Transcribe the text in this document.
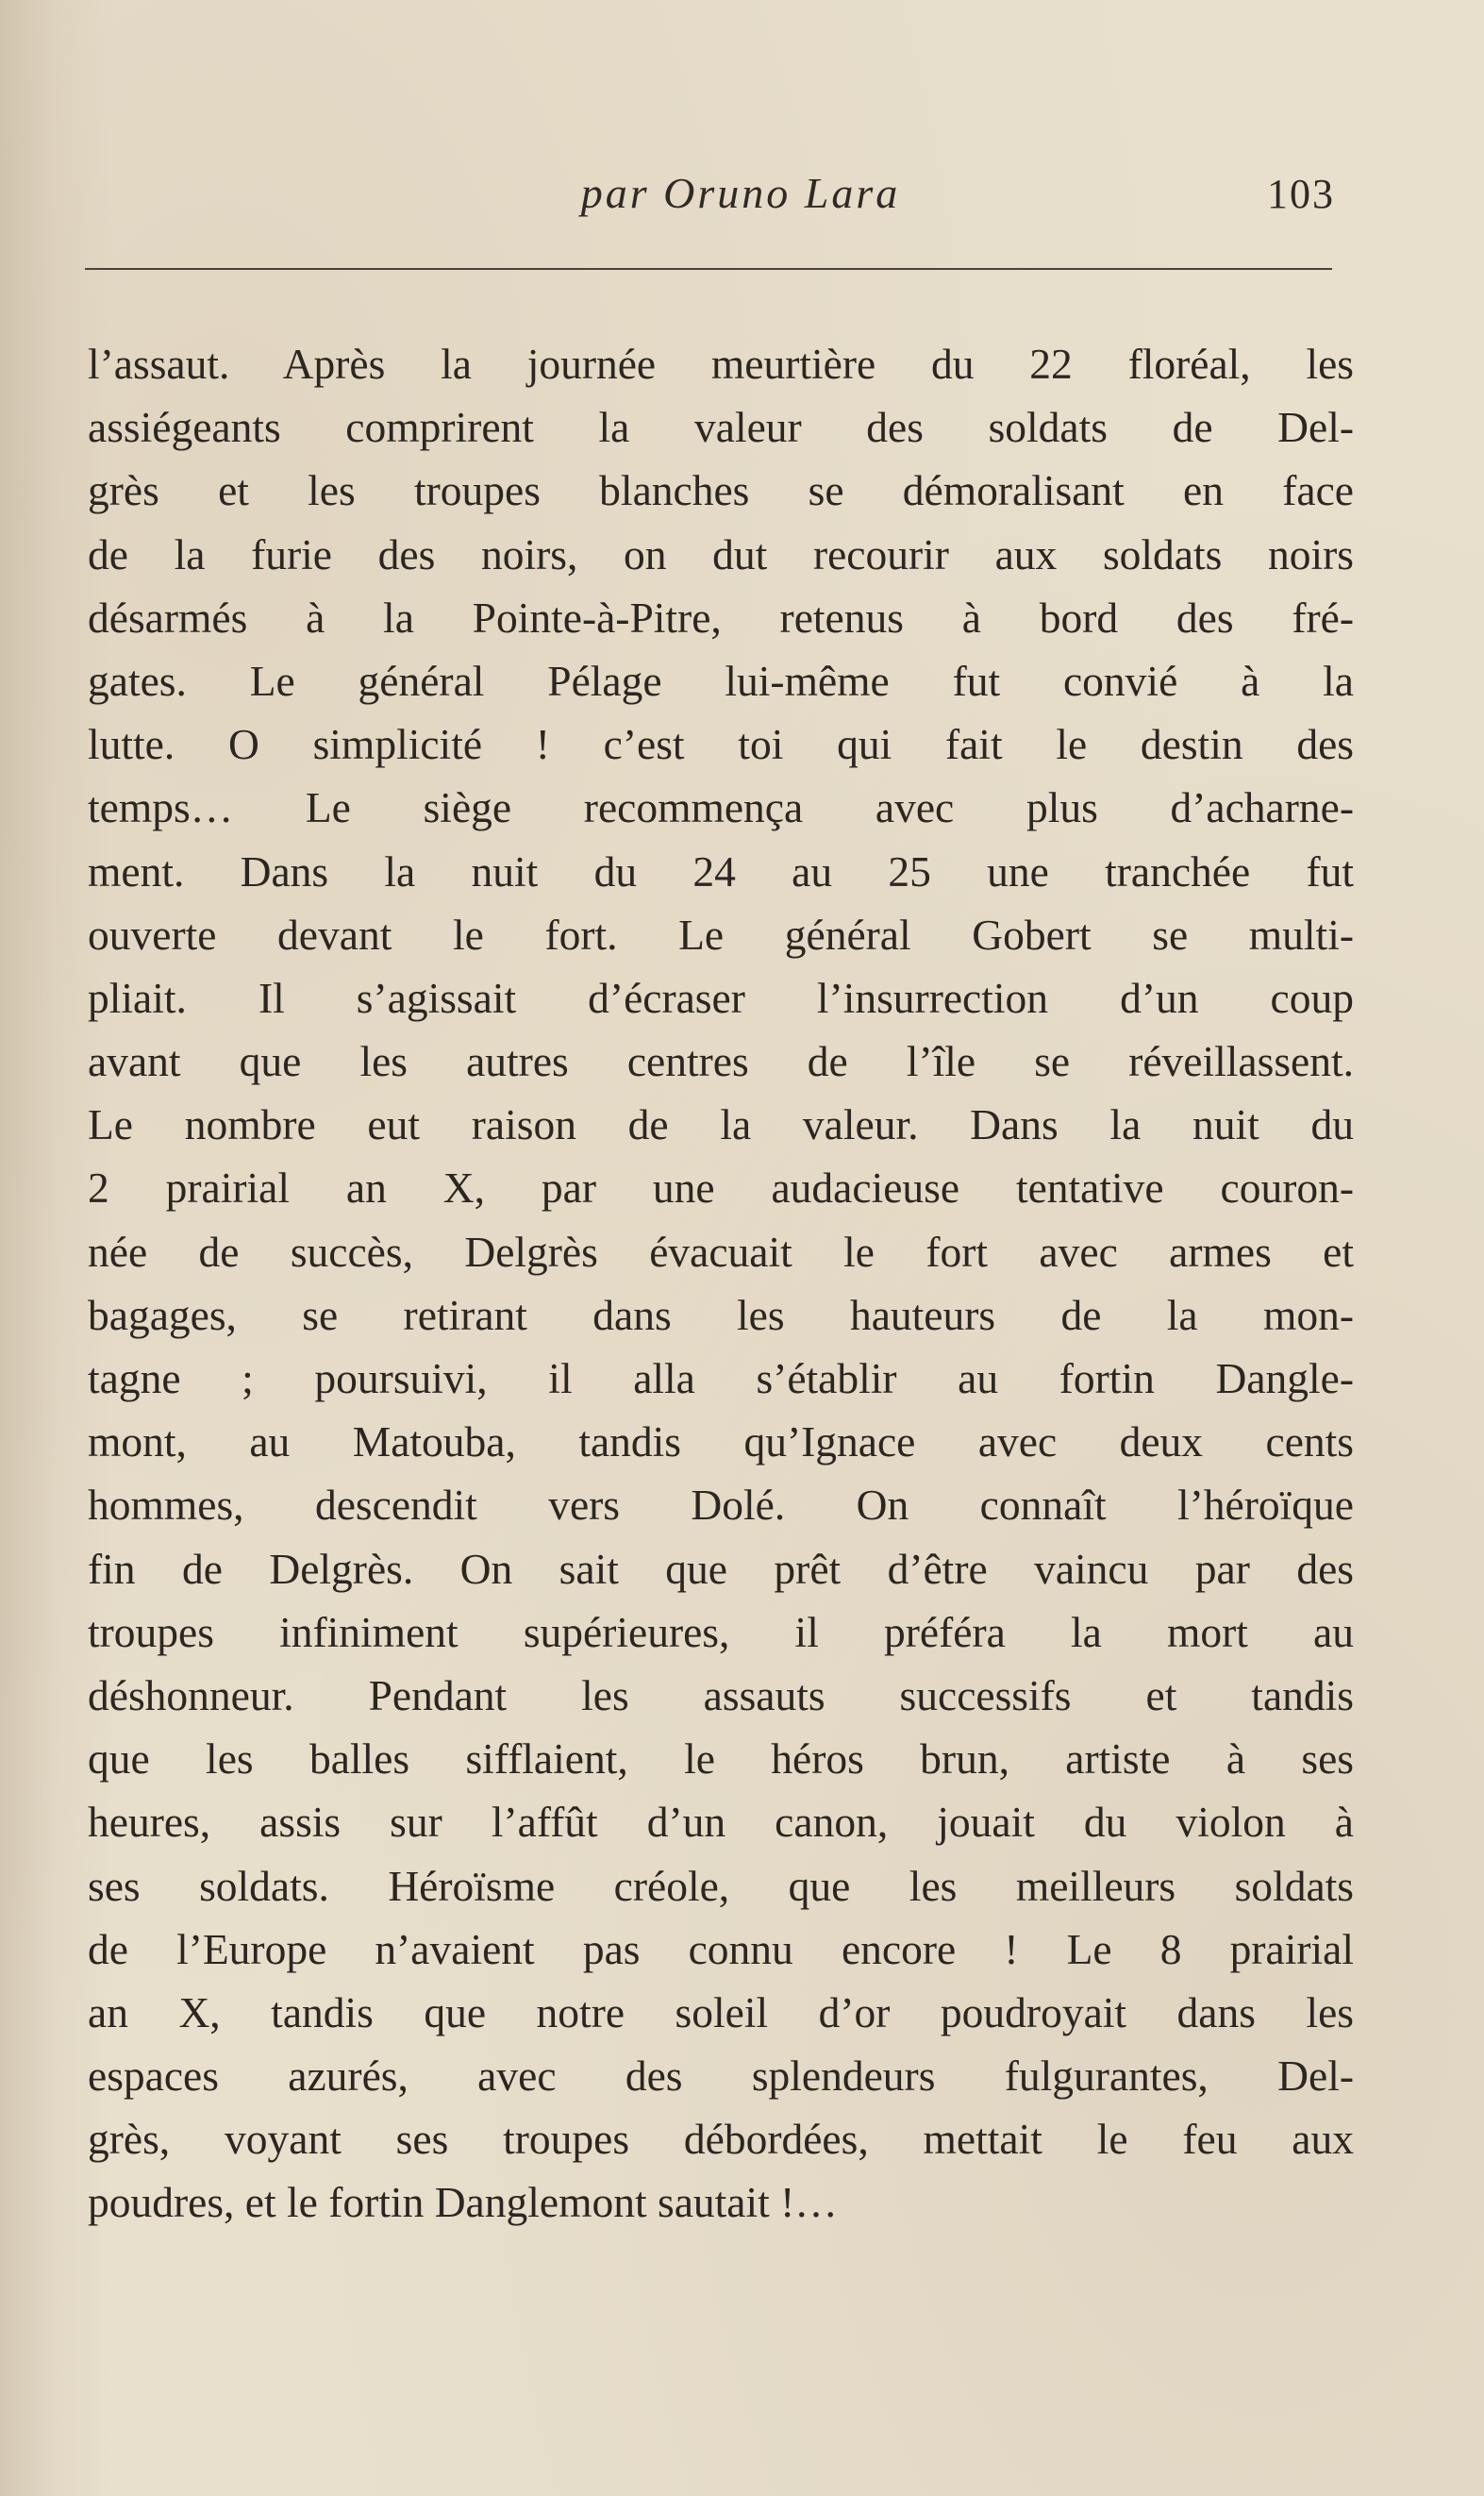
par Oruno Lara	103
l’assaut. Après la journée meurtière du 22 floréal, les
assiégeants comprirent la valeur des soldats de Del-
grès et les troupes blanches se démoralisant en face
de la furie des noirs, on dut recourir aux soldats noirs
désarmés à la Pointe-à-Pitre, retenus à bord des fré-
gates. Le général Pélage lui-même fut convié à la
lutte. O simplicité ! c’est toi qui fait le destin des
temps… Le siège recommença avec plus d’acharne-
ment. Dans la nuit du 24 au 25 une tranchée fut
ouverte devant le fort. Le général Gobert se multi-
pliait. Il s’agissait d’écraser l’insurrection d’un coup
avant que les autres centres de l’île se réveillassent.
Le nombre eut raison de la valeur. Dans la nuit du
2 prairial an X, par une audacieuse tentative couron-
née de succès, Delgrès évacuait le fort avec armes et
bagages, se retirant dans les hauteurs de la mon-
tagne ; poursuivi, il alla s’établir au fortin Dangle-
mont, au Matouba, tandis qu’Ignace avec deux cents
hommes, descendit vers Dolé. On connaît l’héroïque
fin de Delgrès. On sait que prêt d’être vaincu par des
troupes infiniment supérieures, il préféra la mort au
déshonneur. Pendant les assauts successifs et tandis
que les balles sifflaient, le héros brun, artiste à ses
heures, assis sur l’affût d’un canon, jouait du violon à
ses soldats. Héroïsme créole, que les meilleurs soldats
de l’Europe n’avaient pas connu encore ! Le 8 prairial
an X, tandis que notre soleil d’or poudroyait dans les
espaces azurés, avec des splendeurs fulgurantes, Del-
grès, voyant ses troupes débordées, mettait le feu aux
poudres, et le fortin Danglemont sautait !…
